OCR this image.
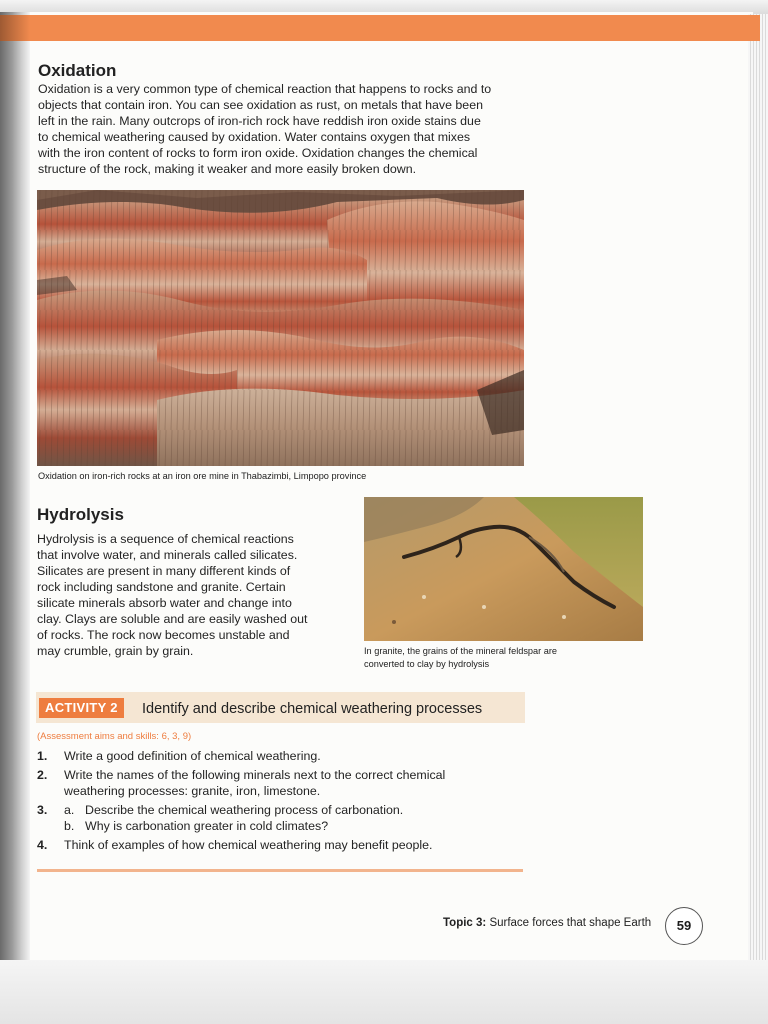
Oxidation
Oxidation is a very common type of chemical reaction that happens to rocks and to
objects that contain iron. You can see oxidation as rust, on metals that have been
left in the rain. Many outcrops of iron-rich rock have reddish iron oxide stains due
to chemical weathering caused by oxidation. Water contains oxygen that mixes
with the iron content of rocks to form iron oxide. Oxidation changes the chemical
structure of the rock, making it weaker and more easily broken down.
Oxidation on iron-rich rocks at an iron ore mine in Thabazimbi, Limpopo province
Hydrolysis
Hydrolysis is a sequence of chemical reactions
that involve water, and minerals called silicates.
Silicates are present in many different kinds of
rock including sandstone and granite. Certain
silicate minerals absorb water and change into
clay. Clays are soluble and are easily washed out
of rocks. The rock now becomes unstable and
may crumble, grain by grain.	In granite, the grains of the mineral feldspar are
converted to clay by hydrolysis
ACTIVITY 2	Identify and describe chemical weathering processes
(Assessment aims and skills: 6, 3, 9)
1. Write a good definition of chemical weathering.
2. Write the names of the following minerals next to the correct chemical
weathering processes: granite, iron, limestone.
3. a. Describe the chemical weathering process of carbonation.
b. Why is carbonation greater in cold climates?
4. Think of examples of how chemical weathering may benefit people.
Topic 3: Surface forces that shape Earth	59
